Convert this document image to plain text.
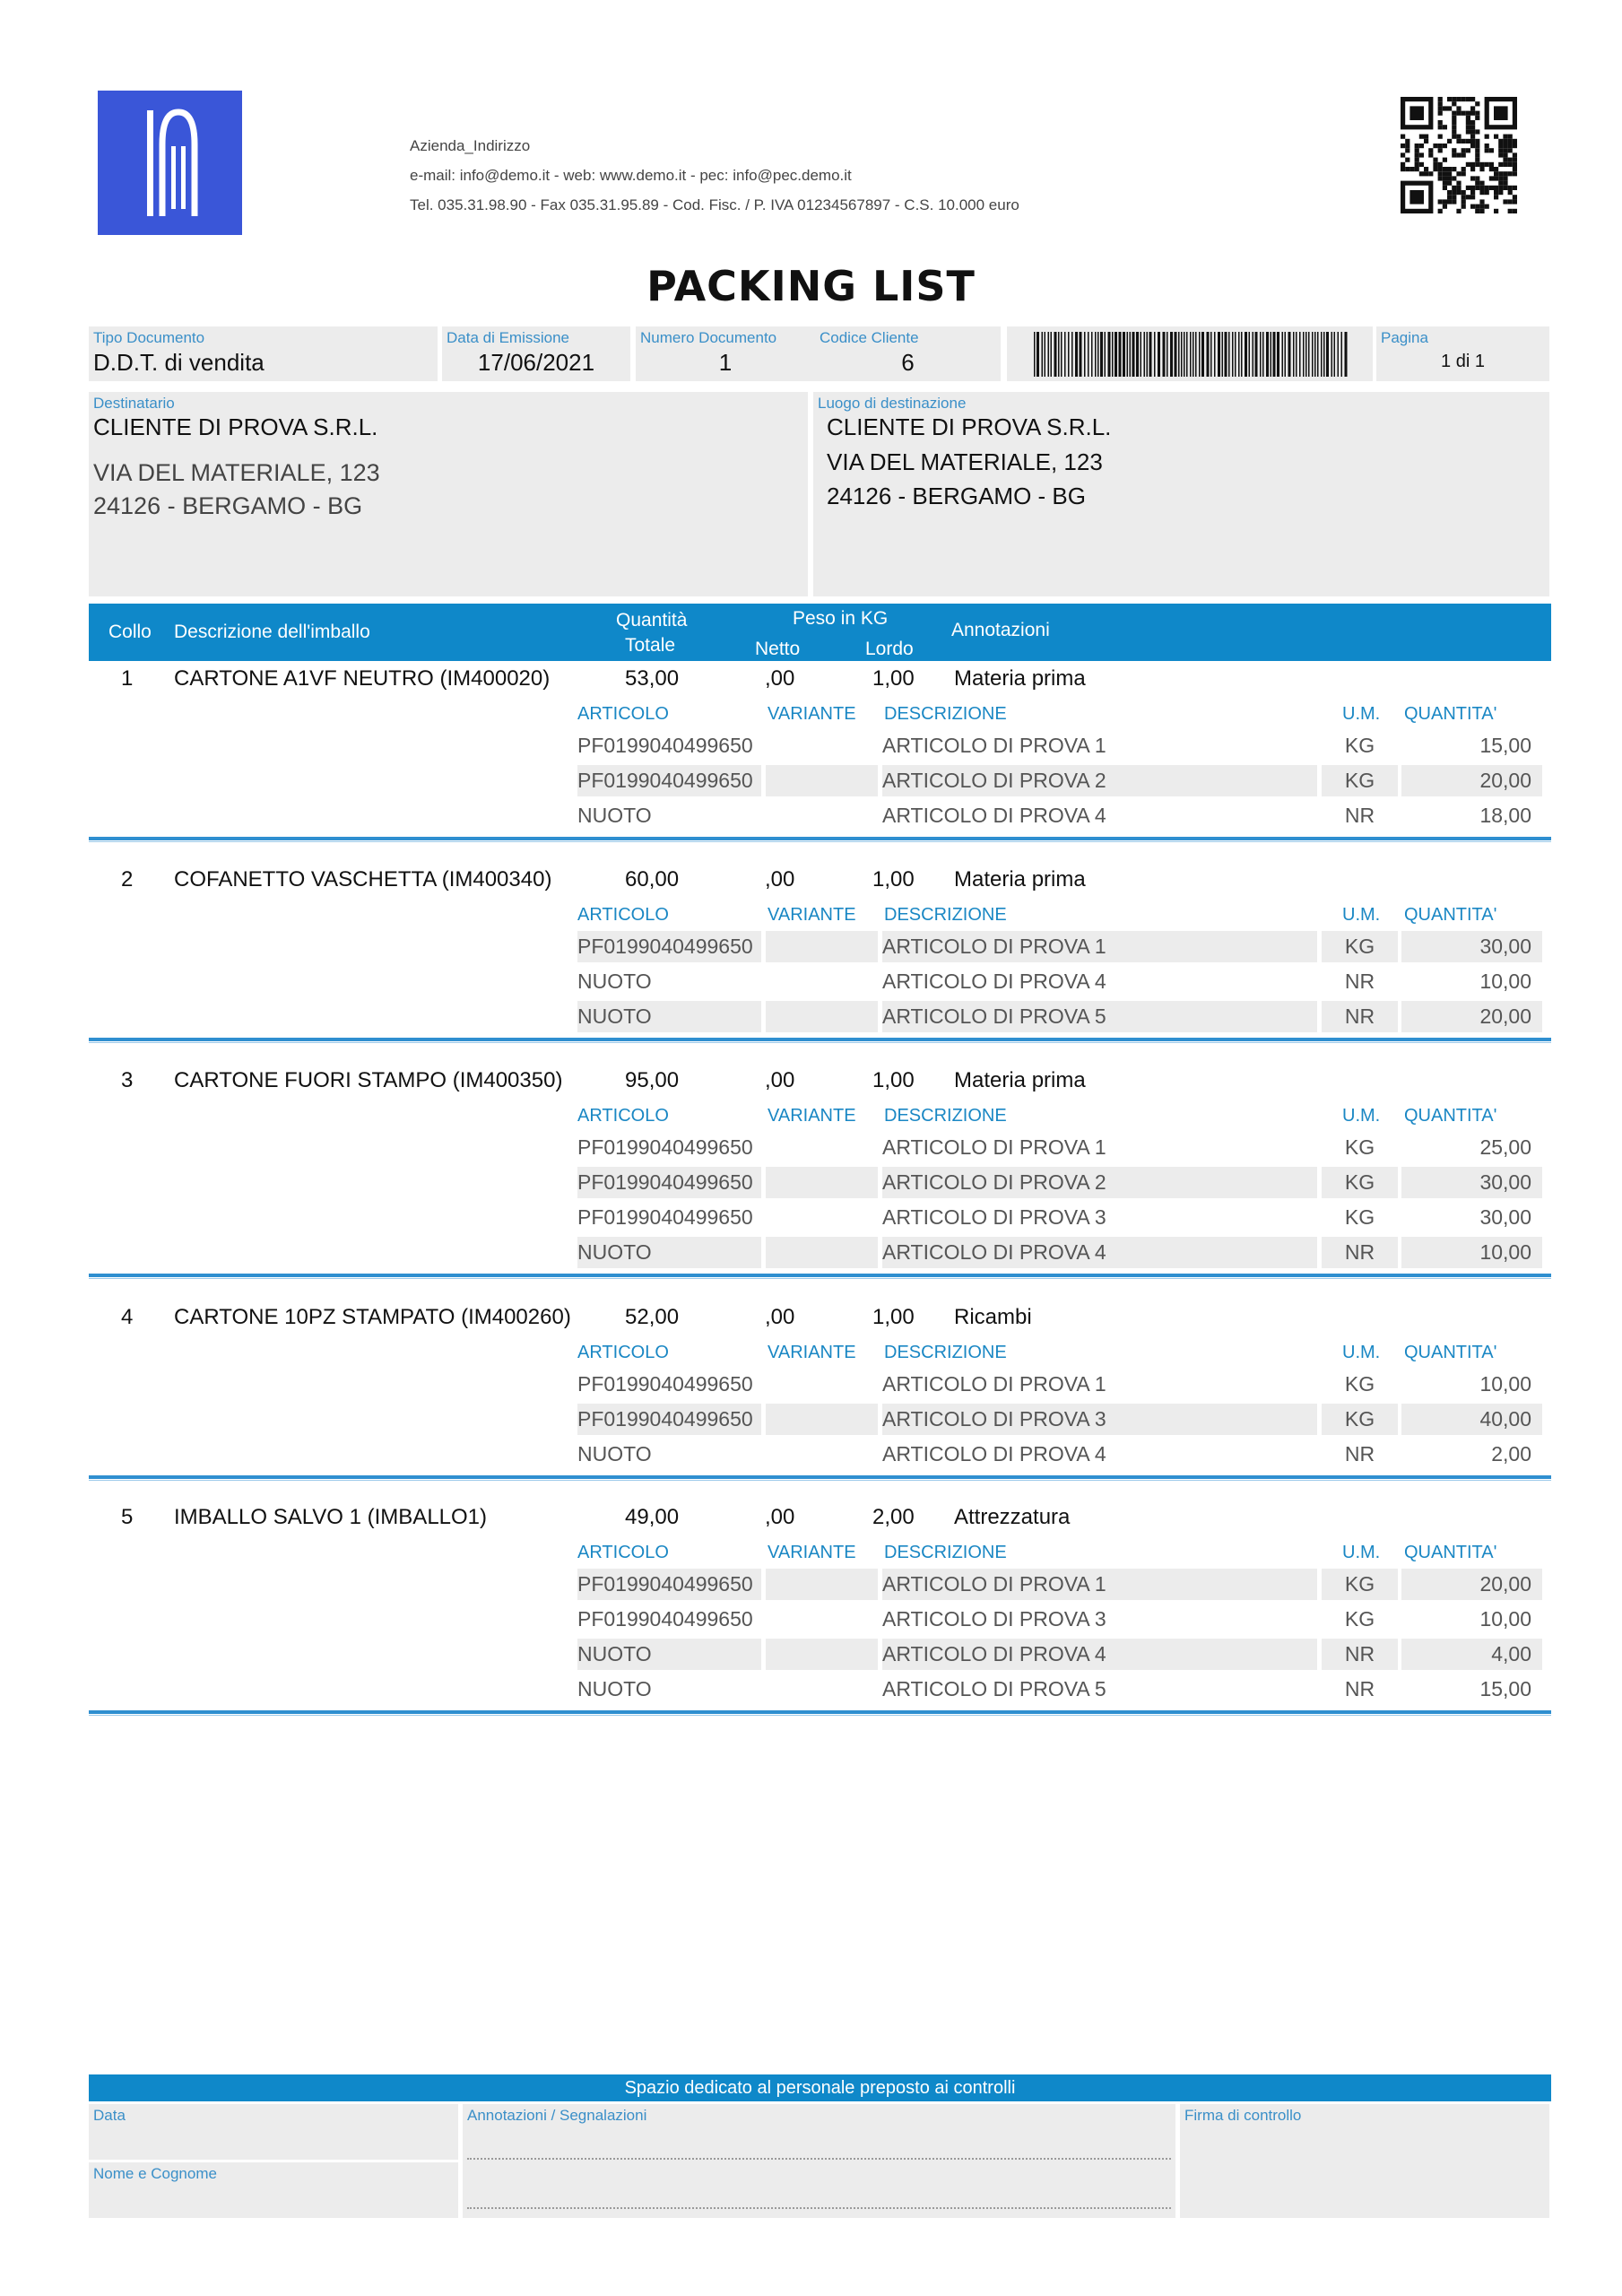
Azienda_Indirizzo
e-mail: info@demo.it - web: www.demo.it - pec: info@pec.demo.it
Tel. 035.31.98.90 - Fax 035.31.95.89 - Cod. Fisc. / P. IVA 01234567897 - C.S. 10.000 euro
PACKING LIST
Tipo Documento
D.D.T. di vendita
Data di Emissione
17/06/2021
Numero Documento
1
Codice Cliente
6
Pagina
1 di 1
Destinatario
CLIENTE DI PROVA S.R.L.
VIA DEL MATERIALE, 123
24126 - BERGAMO - BG
Luogo di destinazione
CLIENTE DI PROVA S.R.L.
VIA DEL MATERIALE, 123
24126 - BERGAMO - BG
Collo Descrizione dell'imballo
Quantità
Totale
Peso in KG
Netto	Lordo
Annotazioni
1 CARTONE A1VF NEUTRO (IM400020)	53,00	,00	1,00 Materia prima
ARTICOLO	VARIANTE DESCRIZIONE	U.M. QUANTITA'
PF0199040499650	ARTICOLO DI PROVA 1	KG	15,00
PF0199040499650	ARTICOLO DI PROVA 2	KG	20,00
NUOTO	ARTICOLO DI PROVA 4	NR	18,00
2 COFANETTO VASCHETTA (IM400340)	60,00	,00	1,00 Materia prima
ARTICOLO	VARIANTE DESCRIZIONE	U.M. QUANTITA'
PF0199040499650	ARTICOLO DI PROVA 1	KG	30,00
NUOTO	ARTICOLO DI PROVA 4	NR	10,00
NUOTO	ARTICOLO DI PROVA 5	NR	20,00
3 CARTONE FUORI STAMPO (IM400350)	95,00	,00	1,00 Materia prima
ARTICOLO	VARIANTE DESCRIZIONE	U.M. QUANTITA'
PF0199040499650	ARTICOLO DI PROVA 1	KG	25,00
PF0199040499650	ARTICOLO DI PROVA 2	KG	30,00
PF0199040499650	ARTICOLO DI PROVA 3	KG	30,00
NUOTO	ARTICOLO DI PROVA 4	NR	10,00
4 CARTONE 10PZ STAMPATO (IM400260)	52,00	,00	1,00 Ricambi
ARTICOLO	VARIANTE DESCRIZIONE	U.M. QUANTITA'
PF0199040499650	ARTICOLO DI PROVA 1	KG	10,00
PF0199040499650	ARTICOLO DI PROVA 3	KG	40,00
NUOTO	ARTICOLO DI PROVA 4	NR	2,00
5 IMBALLO SALVO 1 (IMBALLO1)	49,00	,00	2,00 Attrezzatura
ARTICOLO	VARIANTE DESCRIZIONE	U.M. QUANTITA'
PF0199040499650	ARTICOLO DI PROVA 1	KG	20,00
PF0199040499650	ARTICOLO DI PROVA 3	KG	10,00
NUOTO	ARTICOLO DI PROVA 4	NR	4,00
NUOTO	ARTICOLO DI PROVA 5	NR	15,00
Spazio dedicato al personale preposto ai controlli
Data
Nome e Cognome
Annotazioni / Segnalazioni	Firma di controllo
